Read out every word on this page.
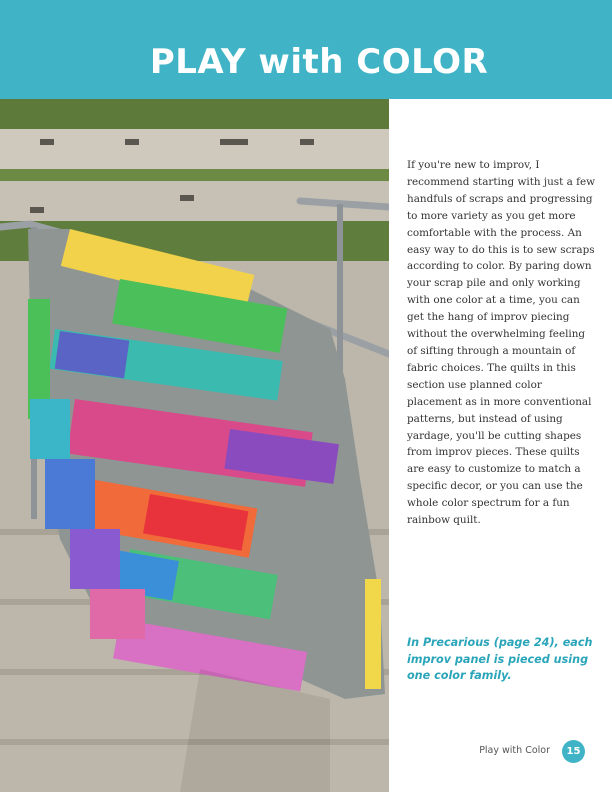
PLAY with COLOR

If you're new to improv, I recommend starting with just a few handfuls of scraps and progressing to more variety as you get more comfortable with the process. An easy way to do this is to sew scraps according to color. By paring down your scrap pile and only working with one color at a time, you can get the hang of improv piecing without the overwhelming feeling of sifting through a mountain of fabric choices. The quilts in this section use planned color placement as in more conventional patterns, but instead of using yardage, you'll be cutting shapes from improv pieces. These quilts are easy to customize to match a specific decor, or you can use the whole color spectrum for a fun rainbow quilt.

In Precarious (page 24), each improv panel is pieced using one color family.

Play with Color	15
